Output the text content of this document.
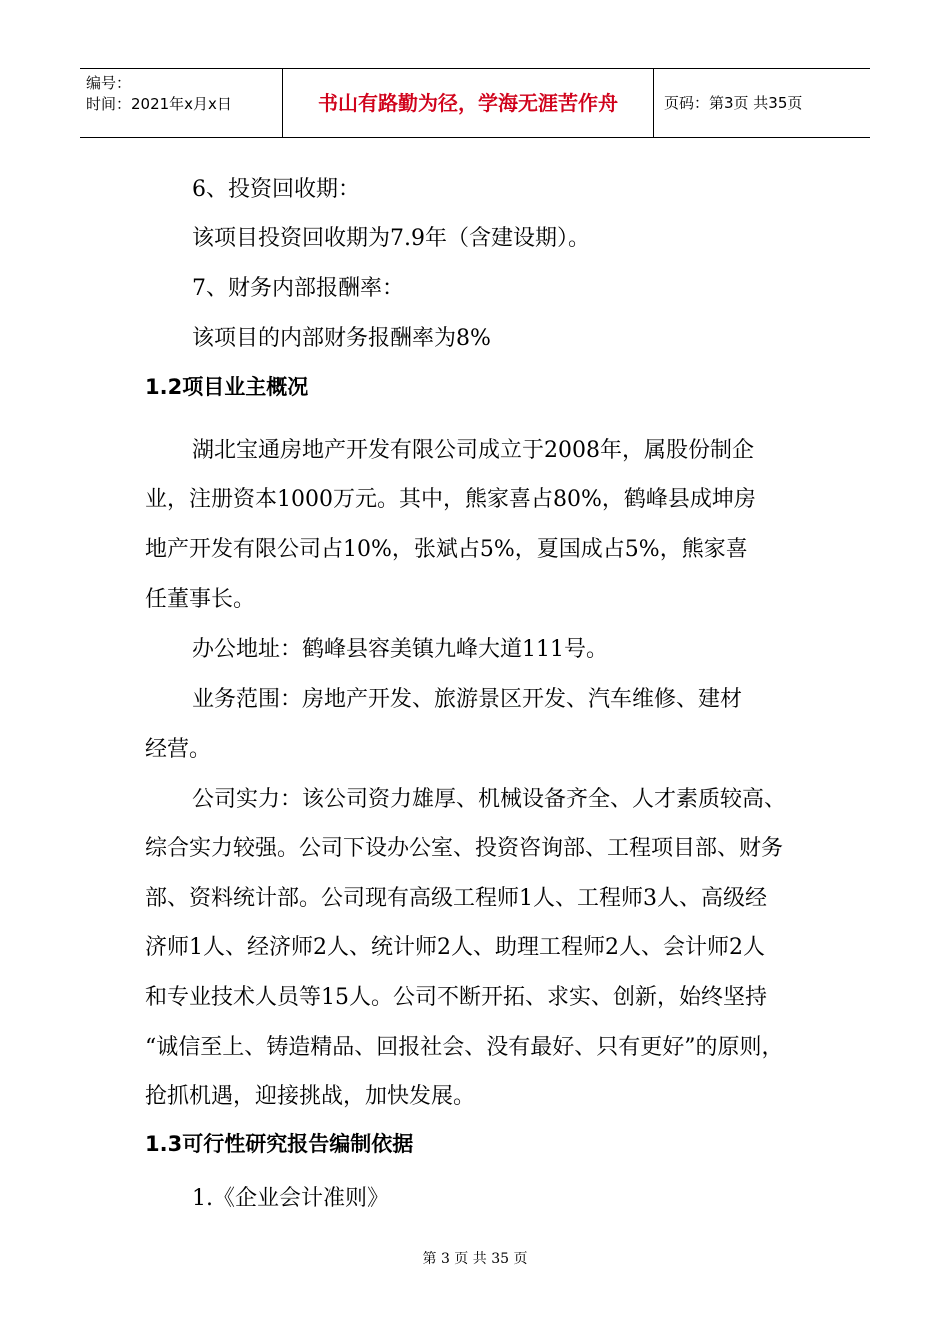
编号：
时间：2021年x月x日	书山有路勤为径，学海无涯苦作舟	页码：第3页 共35页
6、投资回收期：
该项目投资回收期为7.9年（含建设期）。
7、财务内部报酬率：
该项目的内部财务报酬率为8%
1.2项目业主概况
湖北宝通房地产开发有限公司成立于2008年，属股份制企
业，注册资本1000万元。其中，熊家喜占80%，鹤峰县成坤房
地产开发有限公司占10%，张斌占5%，夏国成占5%，熊家喜
任董事长。
办公地址：鹤峰县容美镇九峰大道111号。
业务范围：房地产开发、旅游景区开发、汽车维修、建材
经营。
公司实力：该公司资力雄厚、机械设备齐全、人才素质较高、
综合实力较强。公司下设办公室、投资咨询部、工程项目部、财务
部、资料统计部。公司现有高级工程师1人、工程师3人、高级经
济师1人、经济师2人、统计师2人、助理工程师2人、会计师2人
和专业技术人员等15人。公司不断开拓、求实、创新，始终坚持
“诚信至上、铸造精品、回报社会、没有最好、只有更好”的原则，
抢抓机遇，迎接挑战，加快发展。
1.3可行性研究报告编制依据
1.《企业会计准则》
第 3 页 共 35 页
